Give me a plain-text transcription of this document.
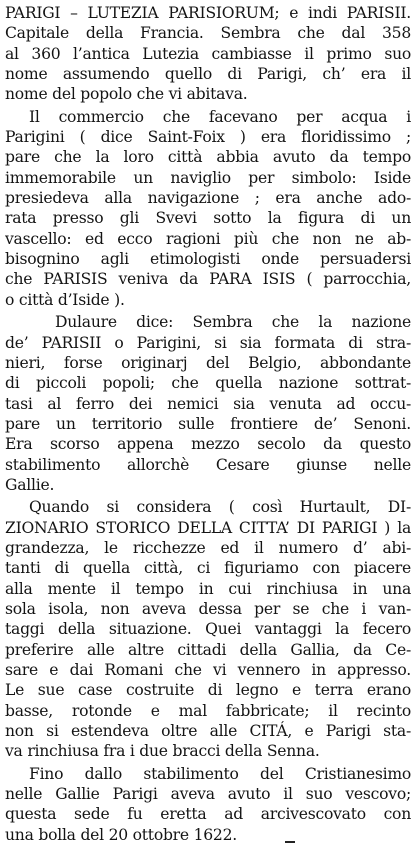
PARIGI – LUTEZIA PARISIORUM; e indi PARISII.
Capitale della Francia. Sembra che dal 358
al 360 l’antica Lutezia cambiasse il primo suo
nome assumendo quello di Parigi, ch’ era il
nome del popolo che vi abitava.
Il commercio che facevano per acqua i
Parigini ( dice Saint-Foix ) era floridissimo ;
pare che la loro città abbia avuto da tempo
immemorabile un naviglio per simbolo: Iside
presiedeva alla navigazione ; era anche ado-
rata presso gli Svevi sotto la figura di un
vascello: ed ecco ragioni più che non ne ab-
bisognino agli etimologisti onde persuadersi
che PARISIS veniva da PARA ISIS ( parrocchia,
o città d’Iside ).
Dulaure dice: Sembra che la nazione
de’ PARISII o Parigini, si sia formata di stra-
nieri, forse originarj del Belgio, abbondante
di piccoli popoli; che quella nazione sottrat-
tasi al ferro dei nemici sia venuta ad occu-
pare un territorio sulle frontiere de’ Senoni.
Era scorso appena mezzo secolo da questo
stabilimento allorchè Cesare giunse nelle
Gallie.
Quando si considera ( così Hurtault, DI-
ZIONARIO STORICO DELLA CITTA’ DI PARIGI ) la
grandezza, le ricchezze ed il numero d’ abi-
tanti di quella città, ci figuriamo con piacere
alla mente il tempo in cui rinchiusa in una
sola isola, non aveva dessa per se che i van-
taggi della situazione. Quei vantaggi la fecero
preferire alle altre cittadi della Gallia, da Ce-
sare e dai Romani che vi vennero in appresso.
Le sue case costruite di legno e terra erano
basse, rotonde e mal fabbricate; il recinto
non si estendeva oltre alle CITÁ, e Parigi sta-
va rinchiusa fra i due bracci della Senna.
Fino dallo stabilimento del Cristianesimo
nelle Gallie Parigi aveva avuto il suo vescovo;
questa sede fu eretta ad arcivescovato con
una bolla del 20 ottobre 1622.
